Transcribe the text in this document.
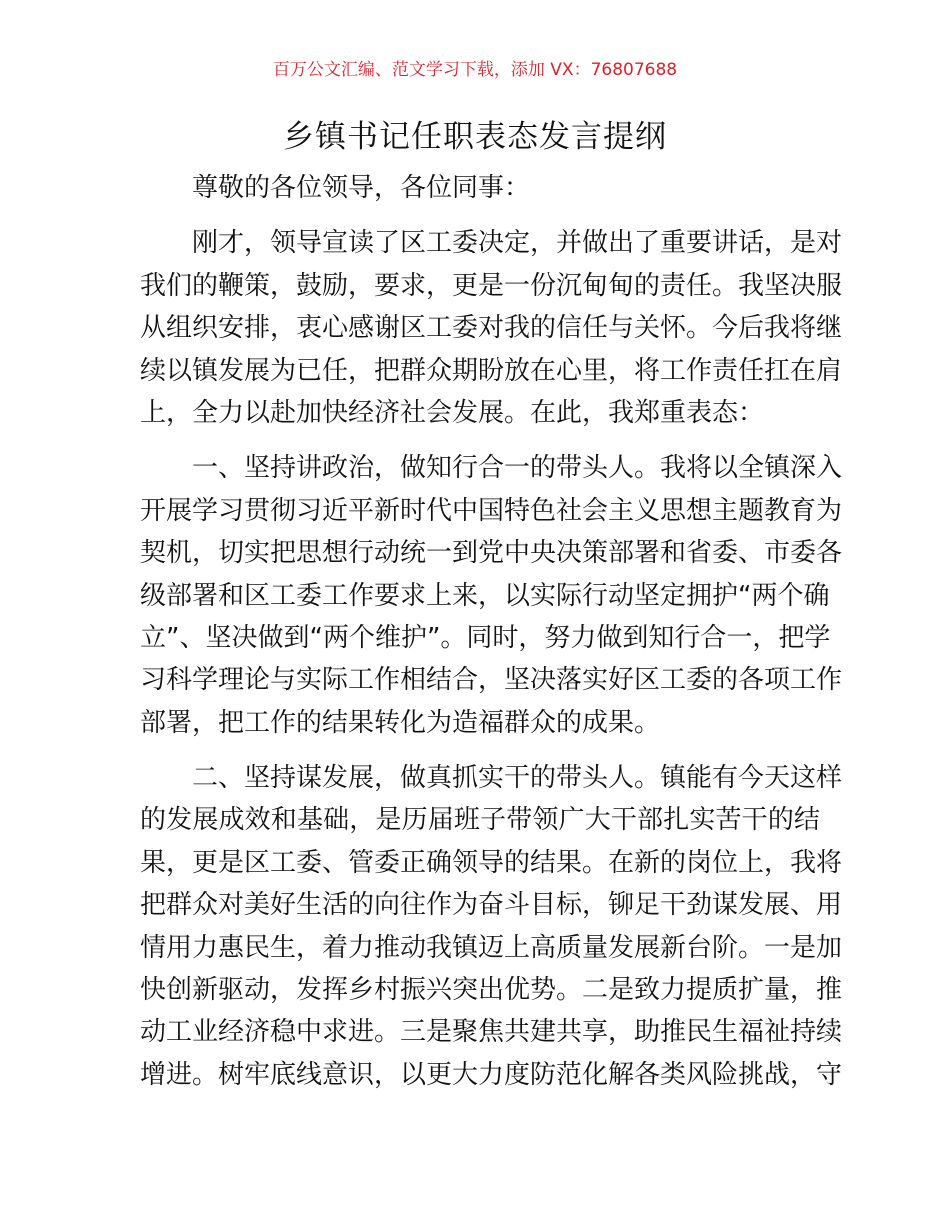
百万公文汇编、范文学习下载，添加 VX：76807688
乡镇书记任职表态发言提纲
尊敬的各位领导，各位同事：
刚才，领导宣读了区工委决定，并做出了重要讲话，是对
我们的鞭策，鼓励，要求，更是一份沉甸甸的责任。我坚决服
从组织安排，衷心感谢区工委对我的信任与关怀。今后我将继
续以镇发展为已任，把群众期盼放在心里，将工作责任扛在肩
上，全力以赴加快经济社会发展。在此，我郑重表态：
一、坚持讲政治，做知行合一的带头人。我将以全镇深入
开展学习贯彻习近平新时代中国特色社会主义思想主题教育为
契机，切实把思想行动统一到党中央决策部署和省委、市委各
级部署和区工委工作要求上来，以实际行动坚定拥护“两个确
立”、坚决做到“两个维护”。同时，努力做到知行合一，把学
习科学理论与实际工作相结合，坚决落实好区工委的各项工作
部署，把工作的结果转化为造福群众的成果。
二、坚持谋发展，做真抓实干的带头人。镇能有今天这样
的发展成效和基础，是历届班子带领广大干部扎实苦干的结
果，更是区工委、管委正确领导的结果。在新的岗位上，我将
把群众对美好生活的向往作为奋斗目标，铆足干劲谋发展、用
情用力惠民生，着力推动我镇迈上高质量发展新台阶。一是加
快创新驱动，发挥乡村振兴突出优势。二是致力提质扩量，推
动工业经济稳中求进。三是聚焦共建共享，助推民生福祉持续
增进。树牢底线意识，以更大力度防范化解各类风险挑战，守
